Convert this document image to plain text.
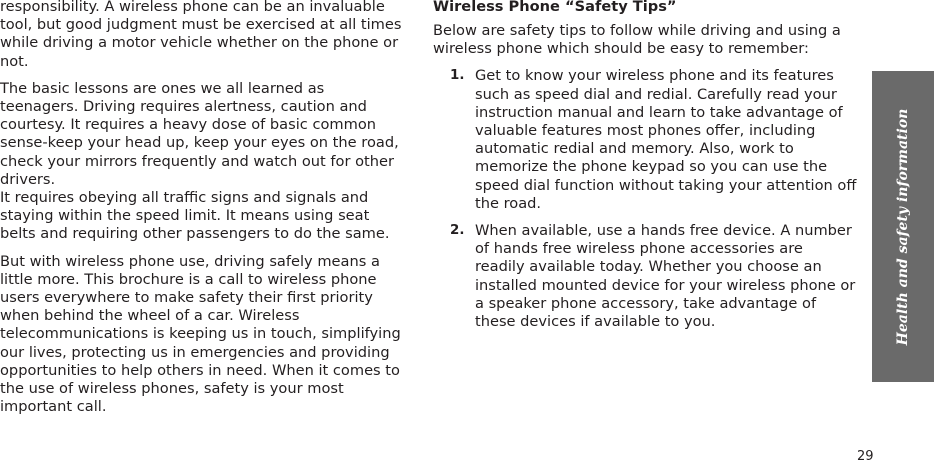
responsibility. A wireless phone can be an invaluable tool, but good judgment must be exercised at all times while driving a motor vehicle whether on the phone or not.

The basic lessons are ones we all learned as teenagers. Driving requires alertness, caution and courtesy. It requires a heavy dose of basic common sense-keep your head up, keep your eyes on the road, check your mirrors frequently and watch out for other drivers.

It requires obeying all traffic signs and signals and staying within the speed limit. It means using seat belts and requiring other passengers to do the same.

But with wireless phone use, driving safely means a little more. This brochure is a call to wireless phone users everywhere to make safety their first priority when behind the wheel of a car. Wireless telecommunications is keeping us in touch, simplifying our lives, protecting us in emergencies and providing opportunities to help others in need. When it comes to the use of wireless phones, safety is your most important call.

Wireless Phone “Safety Tips”

Below are safety tips to follow while driving and using a wireless phone which should be easy to remember:

1. Get to know your wireless phone and its features such as speed dial and redial. Carefully read your instruction manual and learn to take advantage of valuable features most phones offer, including automatic redial and memory. Also, work to memorize the phone keypad so you can use the speed dial function without taking your attention off the road.
2. When available, use a hands free device. A number of hands free wireless phone accessories are readily available today. Whether you choose an installed mounted device for your wireless phone or a speaker phone accessory, take advantage of these devices if available to you.	Health and safety information
29
